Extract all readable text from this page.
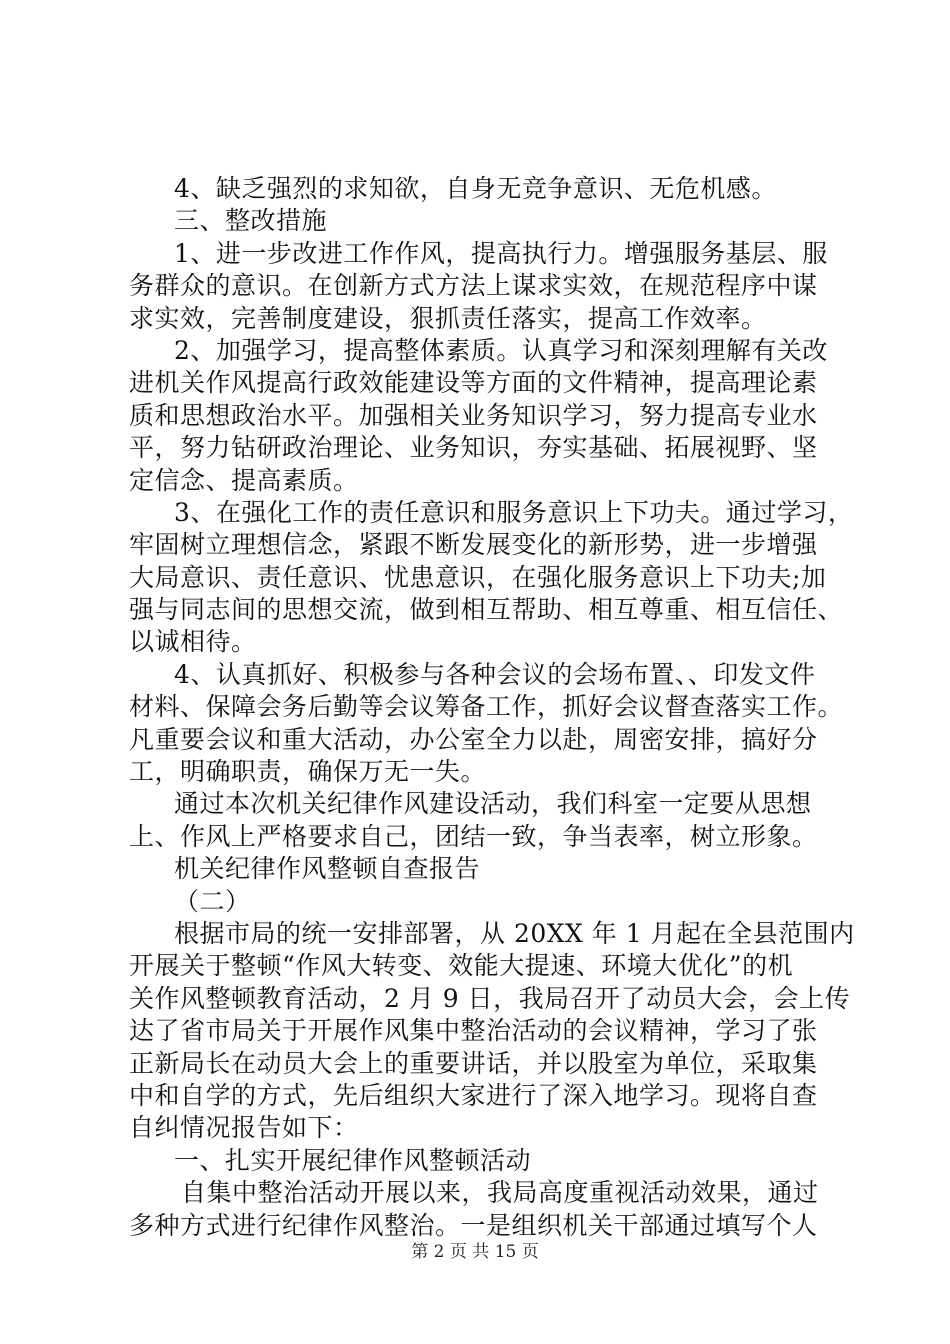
4、缺乏强烈的求知欲，自身无竞争意识、无危机感。
三、整改措施
1、进一步改进工作作风，提高执行力。增强服务基层、服
务群众的意识。在创新方式方法上谋求实效，在规范程序中谋
求实效，完善制度建设，狠抓责任落实，提高工作效率。
2、加强学习，提高整体素质。认真学习和深刻理解有关改
进机关作风提高行政效能建设等方面的文件精神，提高理论素
质和思想政治水平。加强相关业务知识学习，努力提高专业水
平，努力钻研政治理论、业务知识，夯实基础、拓展视野、坚
定信念、提高素质。
3、在强化工作的责任意识和服务意识上下功夫。通过学习，
牢固树立理想信念，紧跟不断发展变化的新形势，进一步增强
大局意识、责任意识、忧患意识，在强化服务意识上下功夫;加
强与同志间的思想交流，做到相互帮助、相互尊重、相互信任、
以诚相待。
4、认真抓好、积极参与各种会议的会场布置、、印发文件
材料、保障会务后勤等会议筹备工作，抓好会议督查落实工作。
凡重要会议和重大活动，办公室全力以赴，周密安排，搞好分
工，明确职责，确保万无一失。
通过本次机关纪律作风建设活动，我们科室一定要从思想
上、作风上严格要求自己，团结一致，争当表率，树立形象。
机关纪律作风整顿自查报告
（二）
根据市局的统一安排部署，从 20XX 年 1 月起在全县范围内
开展关于整顿“作风大转变、效能大提速、环境大优化”的机
关作风整顿教育活动，2 月 9 日，我局召开了动员大会，会上传
达了省市局关于开展作风集中整治活动的会议精神，学习了张
正新局长在动员大会上的重要讲话，并以股室为单位，采取集
中和自学的方式，先后组织大家进行了深入地学习。现将自查
自纠情况报告如下：
一、扎实开展纪律作风整顿活动
自集中整治活动开展以来，我局高度重视活动效果，通过
多种方式进行纪律作风整治。一是组织机关干部通过填写个人
第 2 页 共 15 页
